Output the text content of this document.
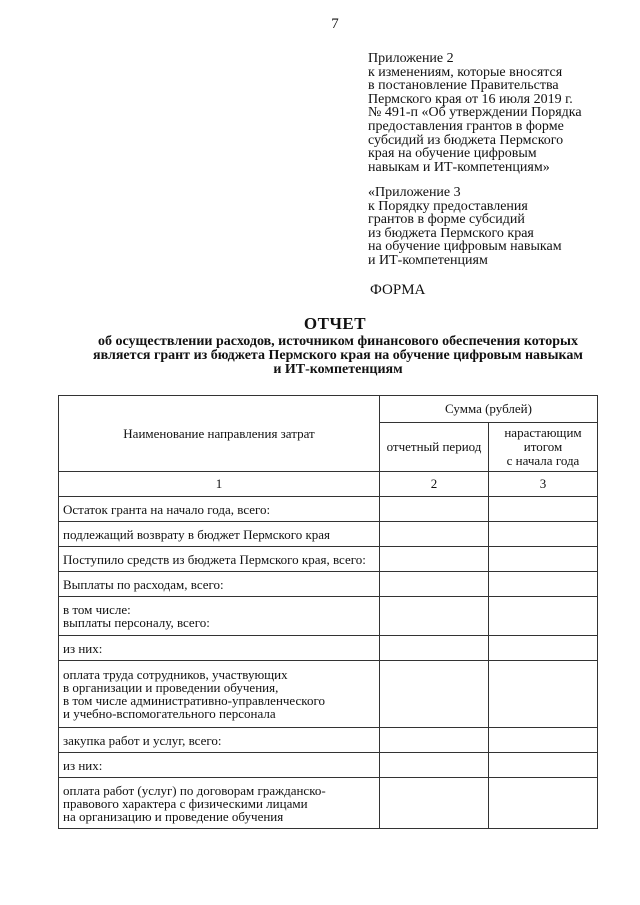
7
Приложение 2
к изменениям, которые вносятся
в постановление Правительства
Пермского края от 16 июля 2019 г.
№ 491-п «Об утверждении Порядка
предоставления грантов в форме
субсидий из бюджета Пермского
края на обучение цифровым
навыкам и ИТ-компетенциям»
«Приложение 3
к Порядку предоставления
грантов в форме субсидий
из бюджета Пермского края
на обучение цифровым навыкам
и ИТ-компетенциям
ФОРМА
ОТЧЕТ
об осуществлении расходов, источником финансового обеспечения которых
является грант из бюджета Пермского края на обучение цифровым навыкам
и ИТ-компетенциям
Наименование направления затрат	Сумма (рублей)	
	отчетный период	нарастающим
итогом
с начала года

1	2	3
Остаток гранта на начало года, всего:		
подлежащий возврату в бюджет Пермского края		
Поступило средств из бюджета Пермского края, всего:		
Выплаты по расходам, всего:		

в том числе:
выплаты персоналу, всего:		

из них:		

оплата труда сотрудников, участвующих
в организации и проведении обучения,
в том числе административно-управленческого
и учебно-вспомогательного персонала		

закупка работ и услуг, всего:		
из них:		

оплата работ (услуг) по договорам гражданско-
правового характера с физическими лицами
на организацию и проведение обучения		
